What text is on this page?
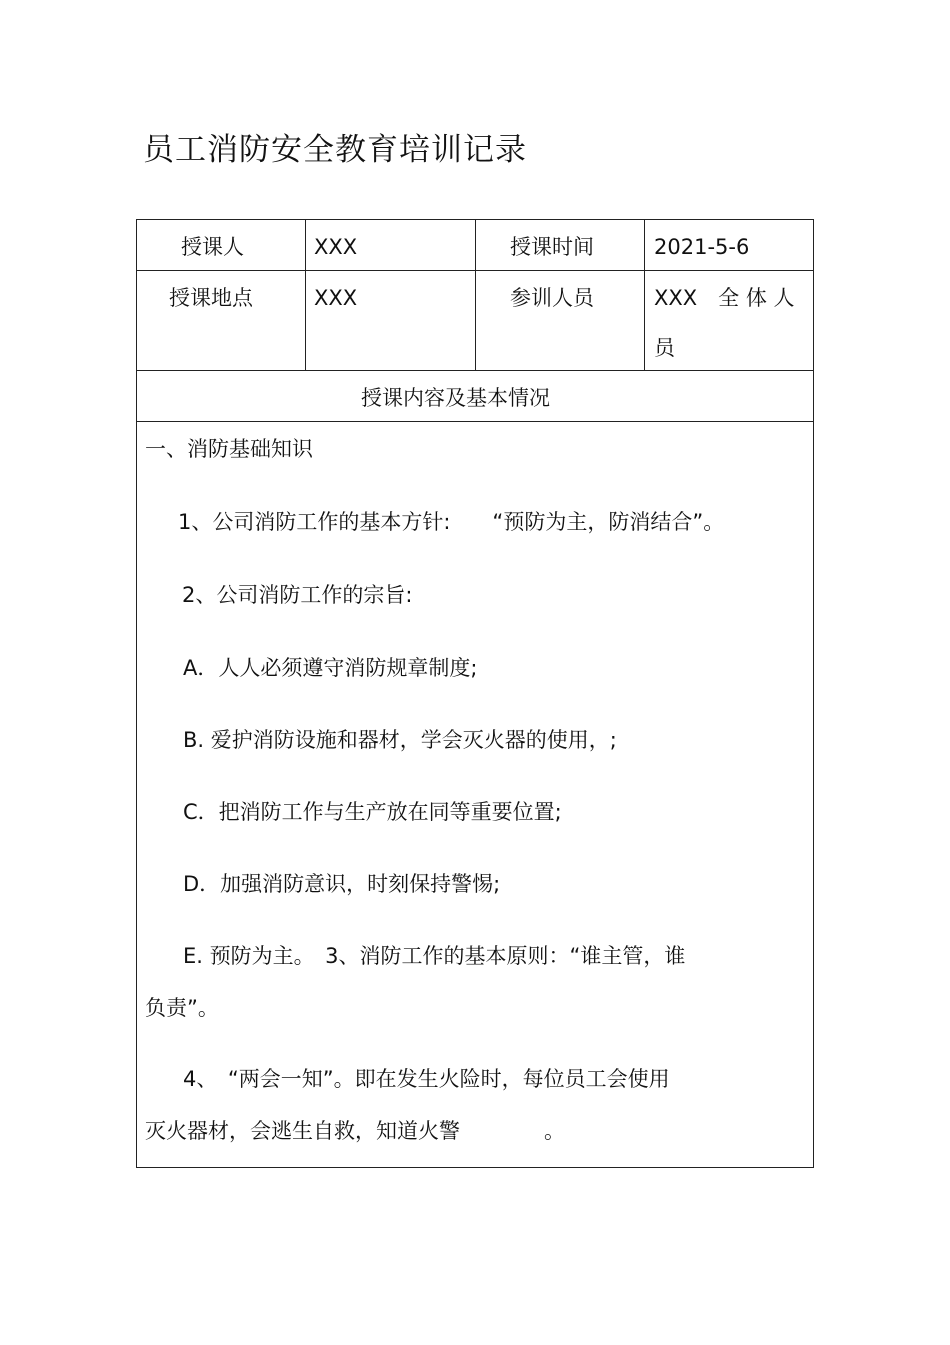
员工消防安全教育培训记录
授课人	XXX	授课时间	2021-5-6
授课地点	XXX	参训人员	XXX　全 体 人
员
授课内容及基本情况
一、消防基础知识
1、公司消防工作的基本方针:　　“预防为主，防消结合”。
2、公司消防工作的宗旨:
A．人人必须遵守消防规章制度;
B. 爱护消防设施和器材，学会灭火器的使用，;
C．把消防工作与生产放在同等重要位置;
D．加强消防意识，时刻保持警惕;
E. 预防为主。　3、消防工作的基本原则：“谁主管，谁
负责”。
4、　“两会一知”。即在发生火险时，每位员工会使用
灭火器材，会逃生自救，知道火警　　　　。
